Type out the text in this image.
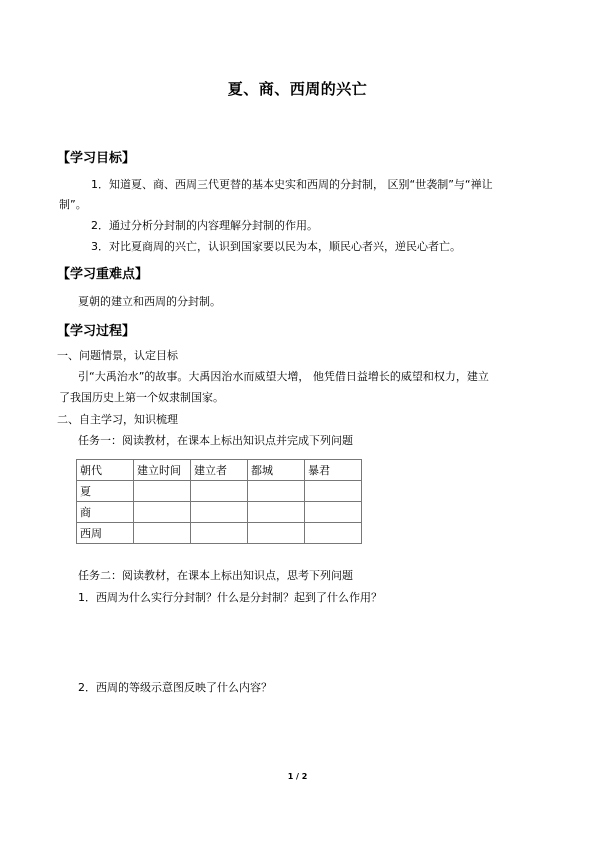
夏、商、西周的兴亡
【学习目标】
1．知道夏、商、西周三代更替的基本史实和西周的分封制， 区别“世袭制”与“禅让
制”。
2．通过分析分封制的内容理解分封制的作用。
3．对比夏商周的兴亡，认识到国家要以民为本，顺民心者兴，逆民心者亡。
【学习重难点】
夏朝的建立和西周的分封制。
【学习过程】
一、问题情景，认定目标
引“大禹治水”的故事。大禹因治水而威望大增， 他凭借日益增长的威望和权力，建立
了我国历史上第一个奴隶制国家。
二、自主学习，知识梳理
任务一：阅读教材，在课本上标出知识点并完成下列问题
朝代	建立时间	建立者	都城	暴君
夏				
商				
西周				
任务二：阅读教材，在课本上标出知识点，思考下列问题
1．西周为什么实行分封制？什么是分封制？起到了什么作用？
2．西周的等级示意图反映了什么内容？
1 / 2
